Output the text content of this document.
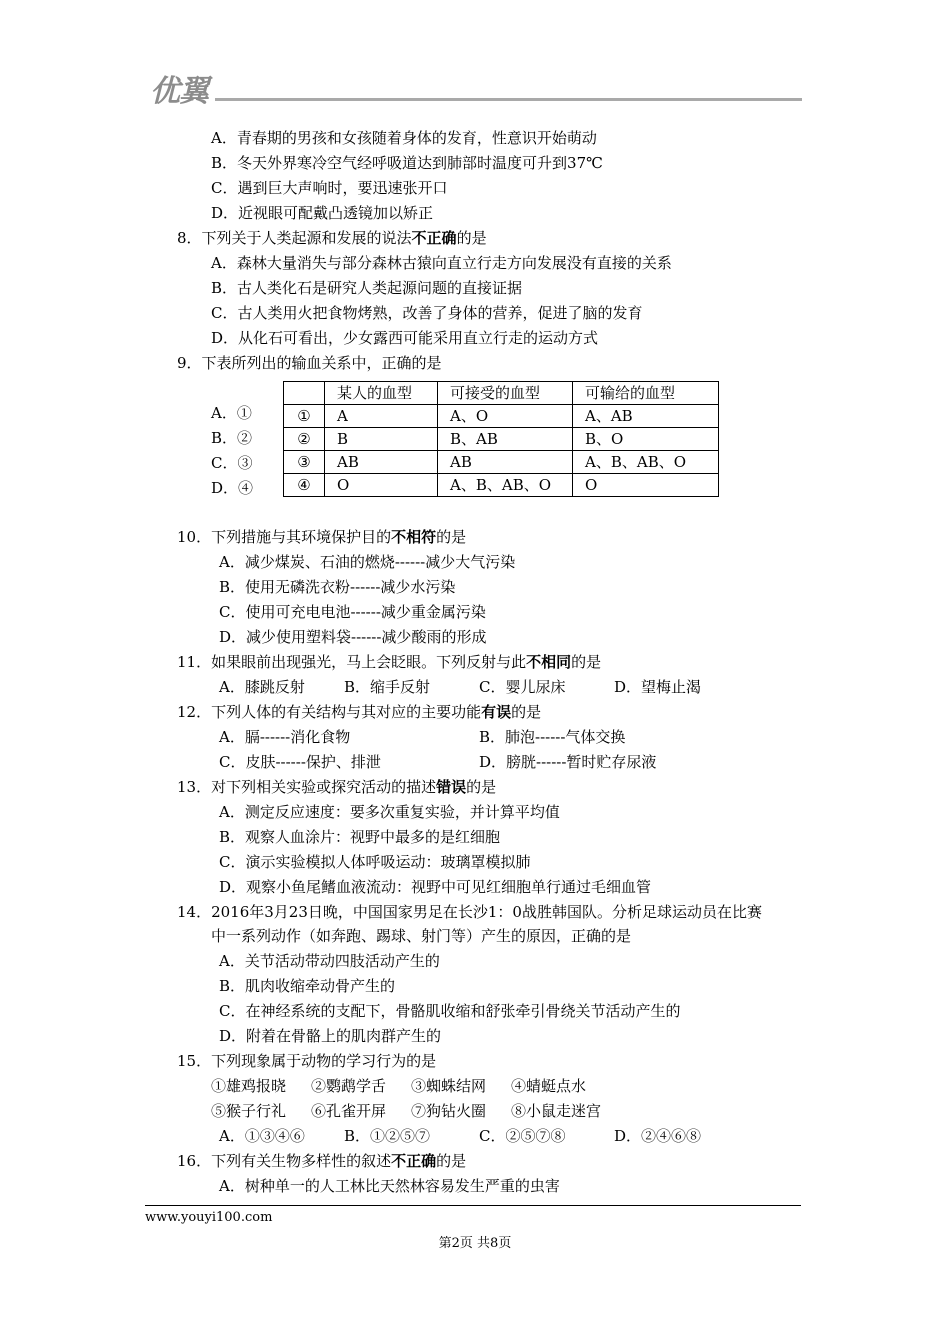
优翼
A．青春期的男孩和女孩随着身体的发育，性意识开始萌动
B．冬天外界寒冷空气经呼吸道达到肺部时温度可升到37℃
C．遇到巨大声响时，要迅速张开口
D．近视眼可配戴凸透镜加以矫正
8．下列关于人类起源和发展的说法不正确的是
A．森林大量消失与部分森林古猿向直立行走方向发展没有直接的关系
B．古人类化石是研究人类起源问题的直接证据
C．古人类用火把食物烤熟，改善了身体的营养，促进了脑的发育
D．从化石可看出，少女露西可能采用直立行走的运动方式
9．下表所列出的输血关系中，正确的是
A．①
B．②
C．③
D．④
	某人的血型	可接受的血型	可输给的血型
①	A	A、O	A、AB
②	B	B、AB	B、O
③	AB	AB	A、B、AB、O
④	O	A、B、AB、O	O
10．下列措施与其环境保护目的不相符的是
A．减少煤炭、石油的燃烧------减少大气污染
B．使用无磷洗衣粉------减少水污染
C．使用可充电电池------减少重金属污染
D．减少使用塑料袋------减少酸雨的形成
11．如果眼前出现强光，马上会眨眼。下列反射与此不相同的是
A．膝跳反射	B．缩手反射	C．婴儿尿床	D．望梅止渴
12．下列人体的有关结构与其对应的主要功能有误的是
A．膈------消化食物	B．肺泡------气体交换
C．皮肤------保护、排泄	D．膀胱------暂时贮存尿液
13．对下列相关实验或探究活动的描述错误的是
A．测定反应速度：要多次重复实验，并计算平均值
B．观察人血涂片：视野中最多的是红细胞
C．演示实验模拟人体呼吸运动：玻璃罩模拟肺
D．观察小鱼尾鳍血液流动：视野中可见红细胞单行通过毛细血管
14．2016年3月23日晚，中国国家男足在长沙1：0战胜韩国队。分析足球运动员在比赛
中一系列动作（如奔跑、踢球、射门等）产生的原因，正确的是
A．关节活动带动四肢活动产生的
B．肌肉收缩牵动骨产生的
C．在神经系统的支配下，骨骼肌收缩和舒张牵引骨绕关节活动产生的
D．附着在骨骼上的肌肉群产生的
15．下列现象属于动物的学习行为的是
①雄鸡报晓 ②鹦鹉学舌 ③蜘蛛结网 ④蜻蜓点水
⑤猴子行礼 ⑥孔雀开屏 ⑦狗钻火圈 ⑧小鼠走迷宫
A．①③④⑥	B．①②⑤⑦	C．②⑤⑦⑧	D．②④⑥⑧
16．下列有关生物多样性的叙述不正确的是
A．树种单一的人工林比天然林容易发生严重的虫害
www.youyi100.com
第2页 共8页
